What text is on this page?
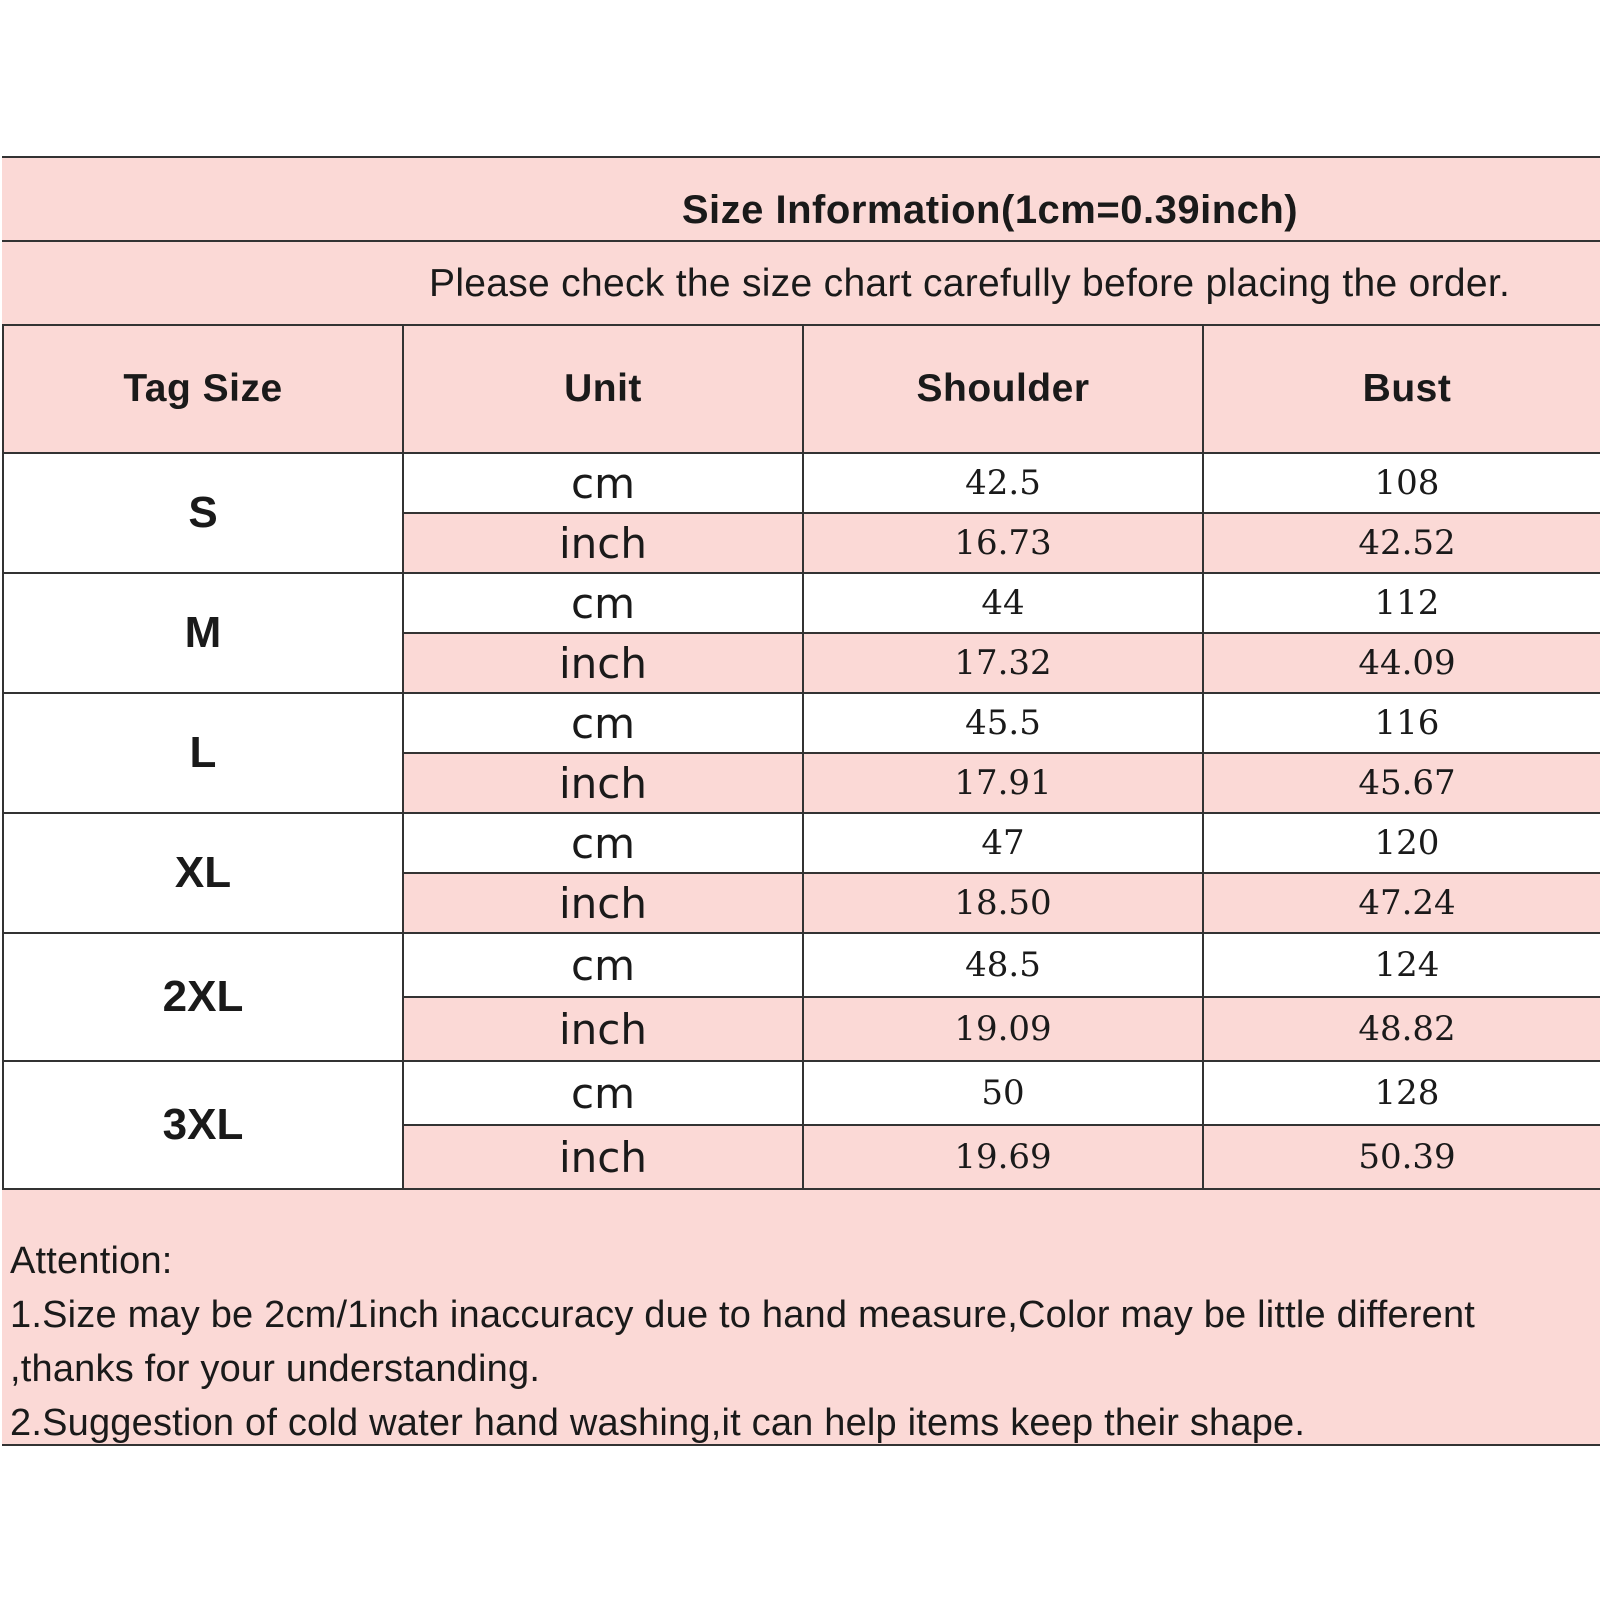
Size Information(1cm=0.39inch)
Please check the size chart carefully before placing the order.
Tag Size	Unit	Shoulder	Bust
S	cm	42.5	108
	inch	16.73	42.52
M	cm	44	112
	inch	17.32	44.09
L	cm	45.5	116
	inch	17.91	45.67
XL	cm	47	120
	inch	18.50	47.24
2XL	cm	48.5	124
	inch	19.09	48.82
3XL	cm	50	128
	inch	19.69	50.39
Attention:
1.Size may be 2cm/1inch inaccuracy due to hand measure,Color may be little different
,thanks for your understanding.
2.Suggestion of cold water hand washing,it can help items keep their shape.
